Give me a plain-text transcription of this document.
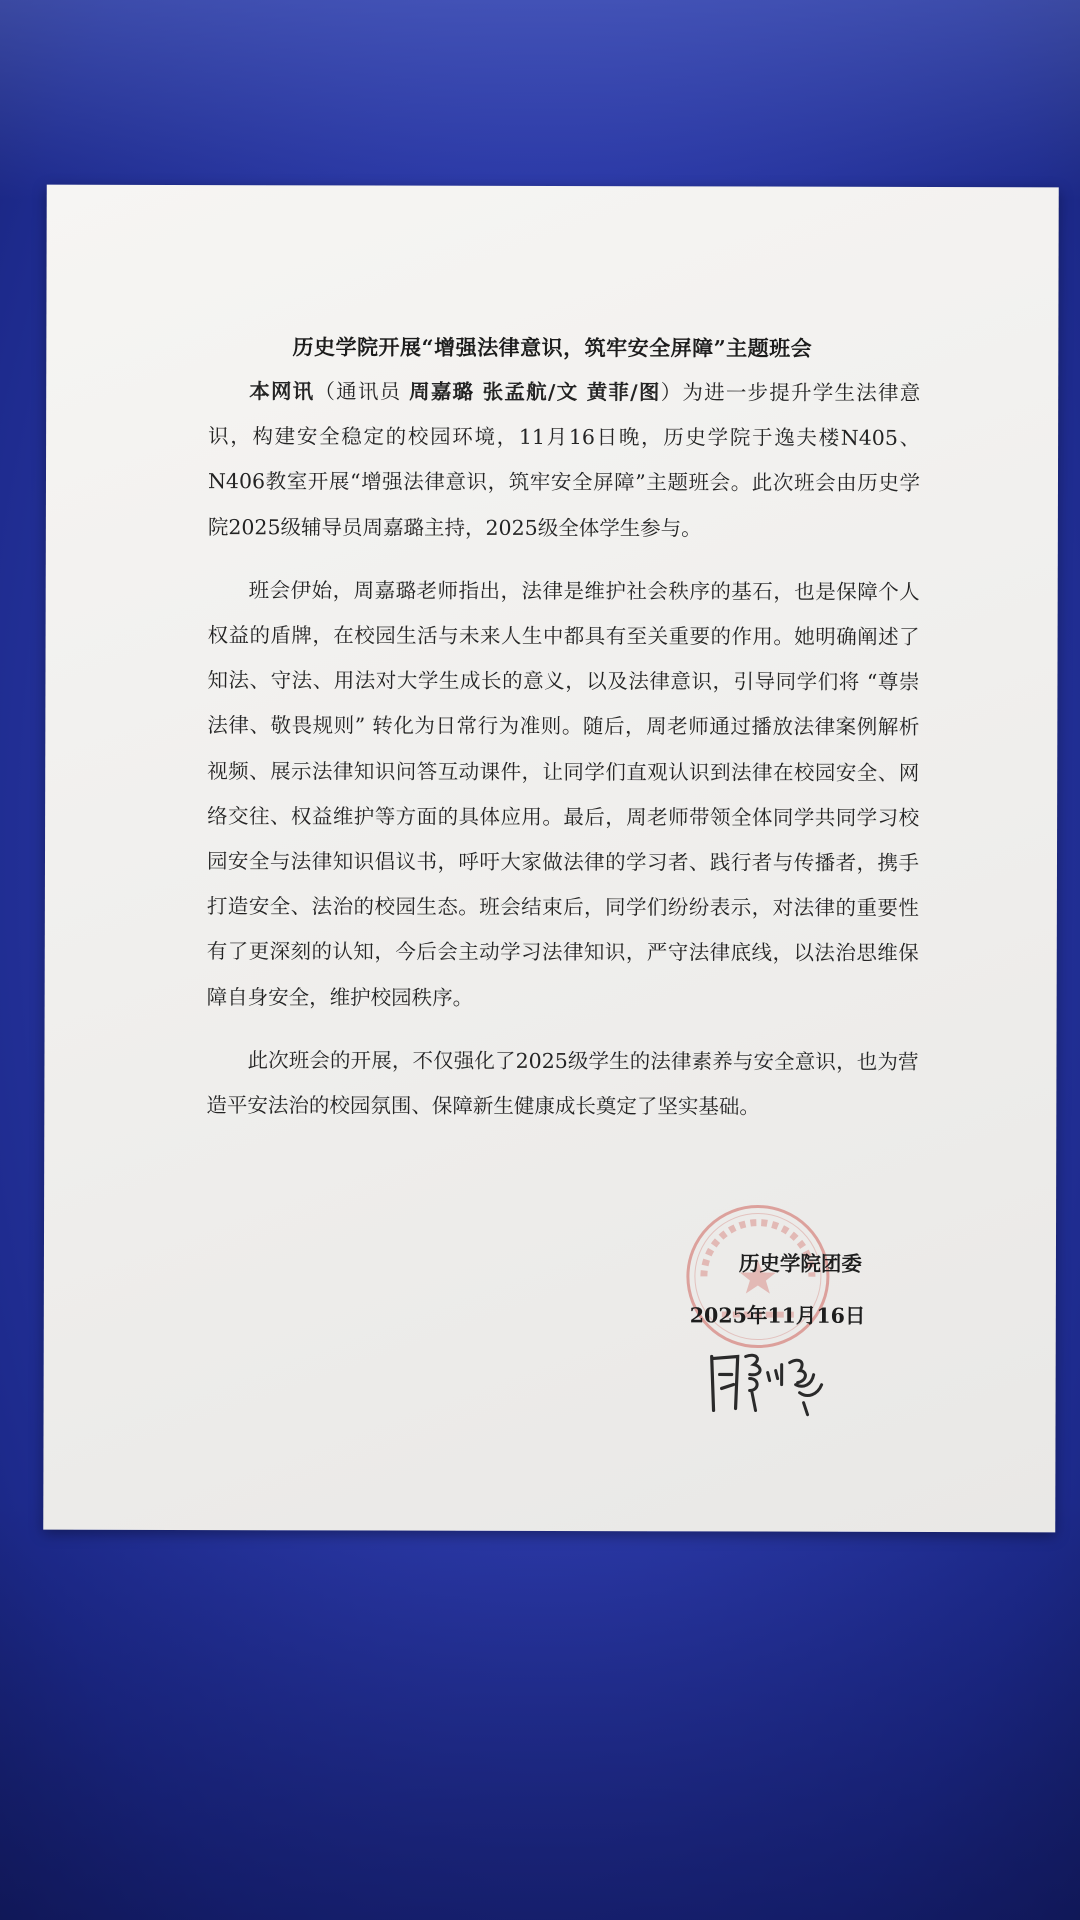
历史学院开展“增强法律意识，筑牢安全屏障”主题班会

本网讯（通讯员 周嘉璐 张孟航/文 黄菲/图）为进一步提升学生法律意识，构建安全稳定的校园环境，11月16日晚，历史学院于逸夫楼N405、N406教室开展“增强法律意识，筑牢安全屏障”主题班会。此次班会由历史学院2025级辅导员周嘉璐主持，2025级全体学生参与。

班会伊始，周嘉璐老师指出，法律是维护社会秩序的基石，也是保障个人权益的盾牌，在校园生活与未来人生中都具有至关重要的作用。她明确阐述了知法、守法、用法对大学生成长的意义，以及法律意识，引导同学们将 “尊崇法律、敬畏规则” 转化为日常行为准则。随后，周老师通过播放法律案例解析视频、展示法律知识问答互动课件，让同学们直观认识到法律在校园安全、网络交往、权益维护等方面的具体应用。最后，周老师带领全体同学共同学习校园安全与法律知识倡议书，呼吁大家做法律的学习者、践行者与传播者，携手打造安全、法治的校园生态。班会结束后，同学们纷纷表示，对法律的重要性有了更深刻的认知，今后会主动学习法律知识，严守法律底线，以法治思维保障自身安全，维护校园秩序。

此次班会的开展，不仅强化了2025级学生的法律素养与安全意识，也为营造平安法治的校园氛围、保障新生健康成长奠定了坚实基础。

历史学院团委
2025年11月16日
